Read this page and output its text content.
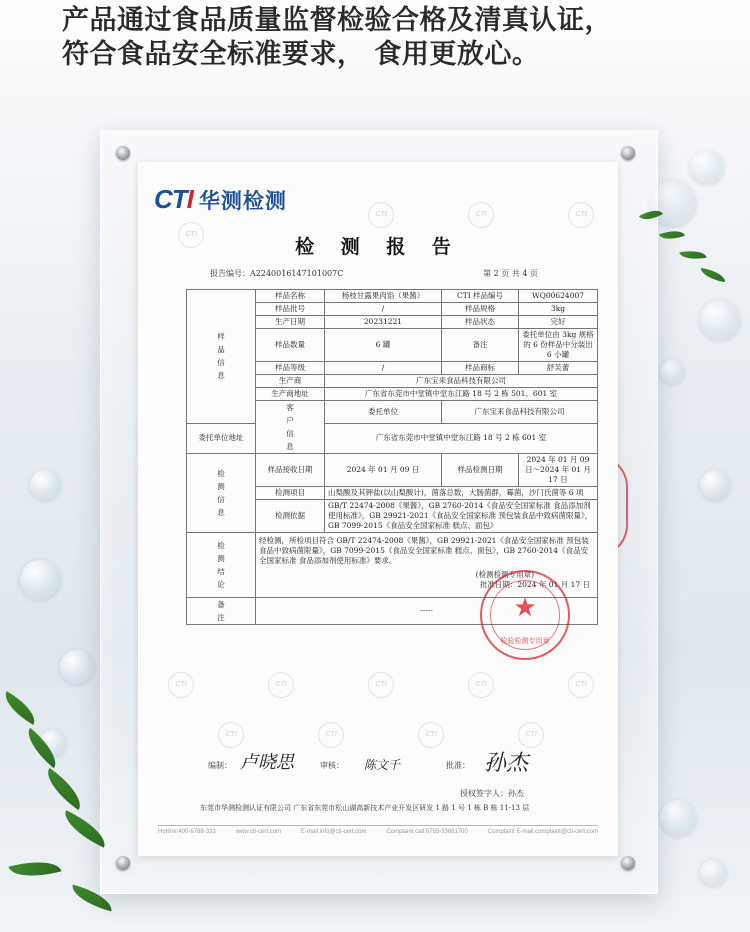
产品通过食品质量监督检验合格及清真认证，
符合食品安全标准要求， 食用更放心。
CTI
CTI	CTI	CTI
CTI	CTI	CTI	CTI	CTI
CTI	CTI	CTI	CTI
CTI 华测检测
检 测 报 告
报告编号：A2240016147101007C	第 2 页 共 4 页
样品信息	样品名称	杨枝甘露果肉馅（果酱）	CTI 样品编号	WQ00624007
	样品批号	/	样品规格	3kg
	生产日期	20231221	样品状态	完好
	样品数量	6 罐	备注	委托单位由 3kg 规格的 6 份样品中分装出 6 小罐
	样品等级	/	样品商标	舒芙蕾
	生产商	广东宝来食品科技有限公司		
	生产商地址	广东省东莞市中堂镇中堂东江路 18 号 2 栋 501、601 室		

	客户信息	委托单位	广东宝来食品科技有限公司	
委托单位地址		广东省东莞市中堂镇中堂东江路 18 号 2 栋 601 室		

检测信息	样品接收日期	2024 年 01 月 09 日	样品检测日期	2024 年 01 月 09 日～2024 年 01 月 17 日
	检测项目	山梨酸及其钾盐(以山梨酸计)，菌落总数，大肠菌群，霉菌，沙门氏菌等 6 项		
	检测依据	GB/T 22474-2008《果酱》，GB 2760-2014《食品安全国家标准 食品添加剂使用标准》，GB 29921-2021《食品安全国家标准 预包装食品中致病菌限量》，GB 7099-2015《食品安全国家标准 糕点、面包》		

检测结论	经检测，所检项目符合 GB/T 22474-2008《果酱》，GB 29921-2021《食品安全国家标准 预包装食品中致病菌限量》，GB 7099-2015《食品安全国家标准 糕点、面包》，GB 2760-2014《食品安全国家标准 食品添加剂使用标准》要求。
(检测检测专用章)
批准日期：2024 年 01 月 17 日			

备注	-----				★
检验检测专用章
编制： 卢晓思	审核： 陈文千	批准： 孙杰
授权签字人：孙杰
东莞市华测检测认证有限公司 广东省东莞市松山湖高新技术产业开发区研发 1 路 1 号 1 栋 B 栋 11-13 层
Hotline:400-6788-333	www.cti-cert.com	E-mail:info@cti-cert.com	Complaint call:0755-33681700	Complaint E-mail:complaint@cti-cert.com
